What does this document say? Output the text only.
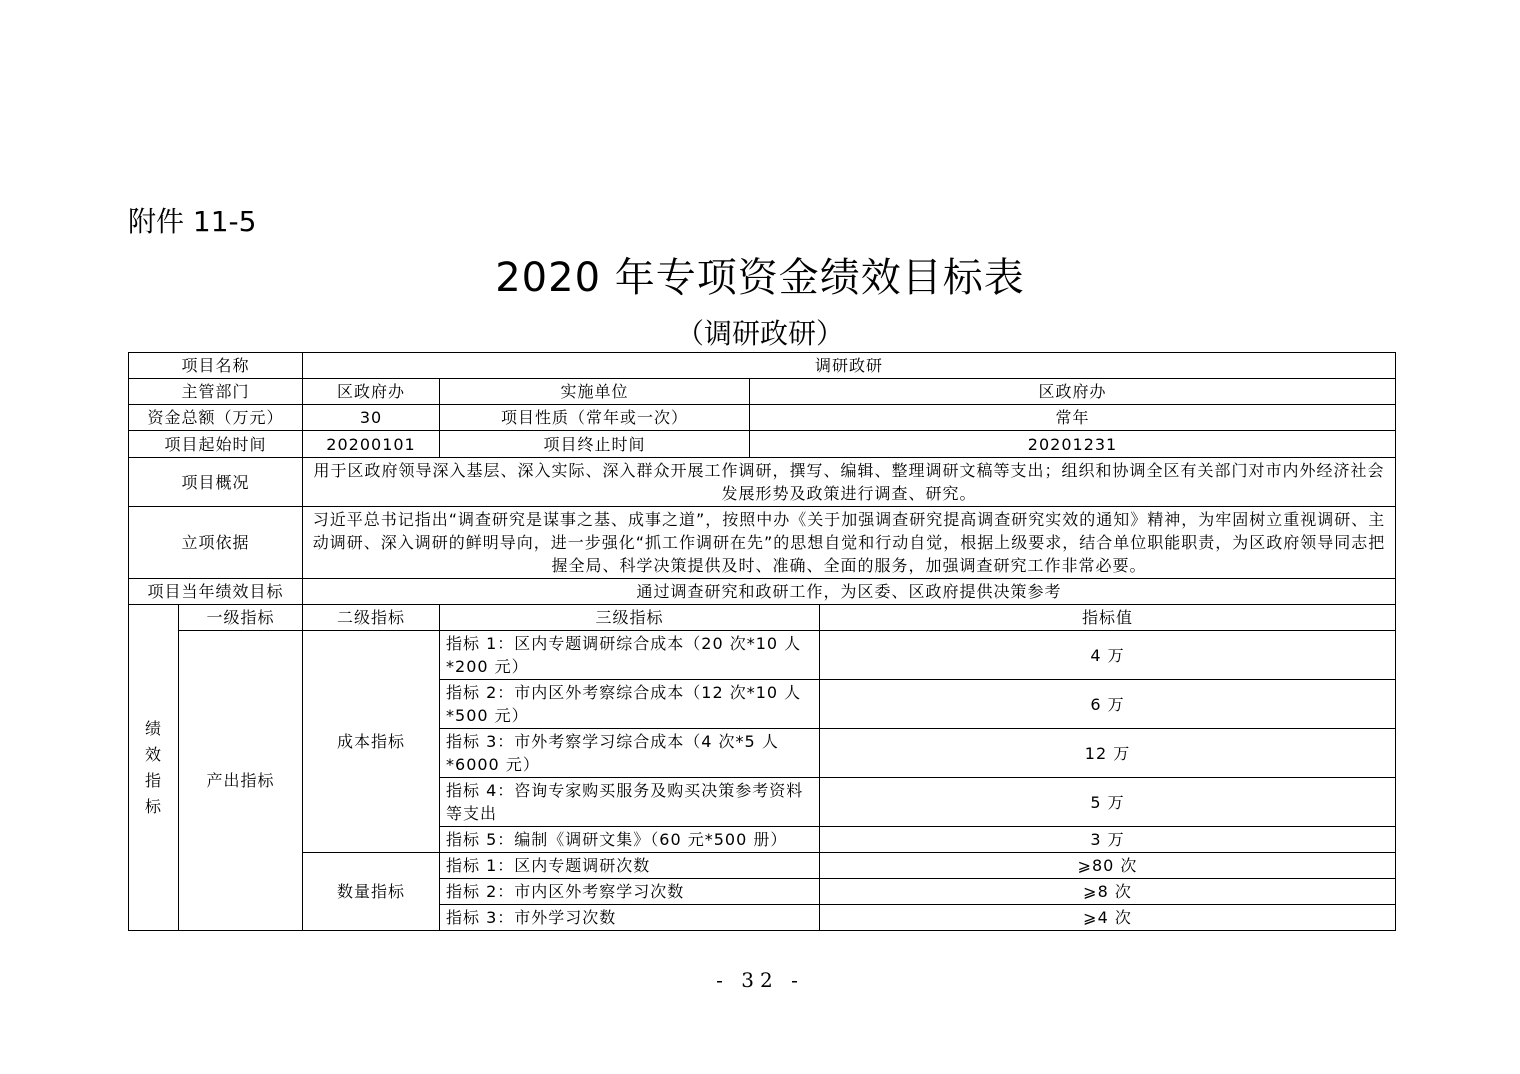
附件 11-5
2020 年专项资金绩效目标表
（调研政研）
项目名称		调研政研			
主管部门		区政府办	实施单位	区政府办	
资金总额（万元）		30	项目性质（常年或一次）	常年	
项目起始时间		20200101	项目终止时间	20201231	
项目概况		用于区政府领导深入基层、深入实际、深入群众开展工作调研，撰写、编辑、整理调研文稿等支出；组织和协调全区有关部门对市内外经济社会发展形势及政策进行调查、研究。			
立项依据		习近平总书记指出“调查研究是谋事之基、成事之道”，按照中办《关于加强调查研究提高调查研究实效的通知》精神，为牢固树立重视调研、主动调研、深入调研的鲜明导向，进一步强化“抓工作调研在先”的思想自觉和行动自觉，根据上级要求，结合单位职能职责，为区政府领导同志把握全局、科学决策提供及时、准确、全面的服务，加强调查研究工作非常必要。			
项目当年绩效目标		通过调查研究和政研工作，为区委、区政府提供决策参考			

绩效指标	一级指标	二级指标	三级指标		指标值
	产出指标	成本指标	指标 1：区内专题调研综合成本（20 次*10 人*200 元）		4 万
			指标 2：市内区外考察综合成本（12 次*10 人*500 元）		6 万
			指标 3：市外考察学习综合成本（4 次*5 人*6000 元）		12 万
			指标 4：咨询专家购买服务及购买决策参考资料等支出		5 万
			指标 5：编制《调研文集》（60 元*500 册）		3 万

		数量指标	指标 1：区内专题调研次数		⩾80 次
			指标 2：市内区外考察学习次数		⩾8 次
			指标 3：市外学习次数		⩾4 次
- 32 -
